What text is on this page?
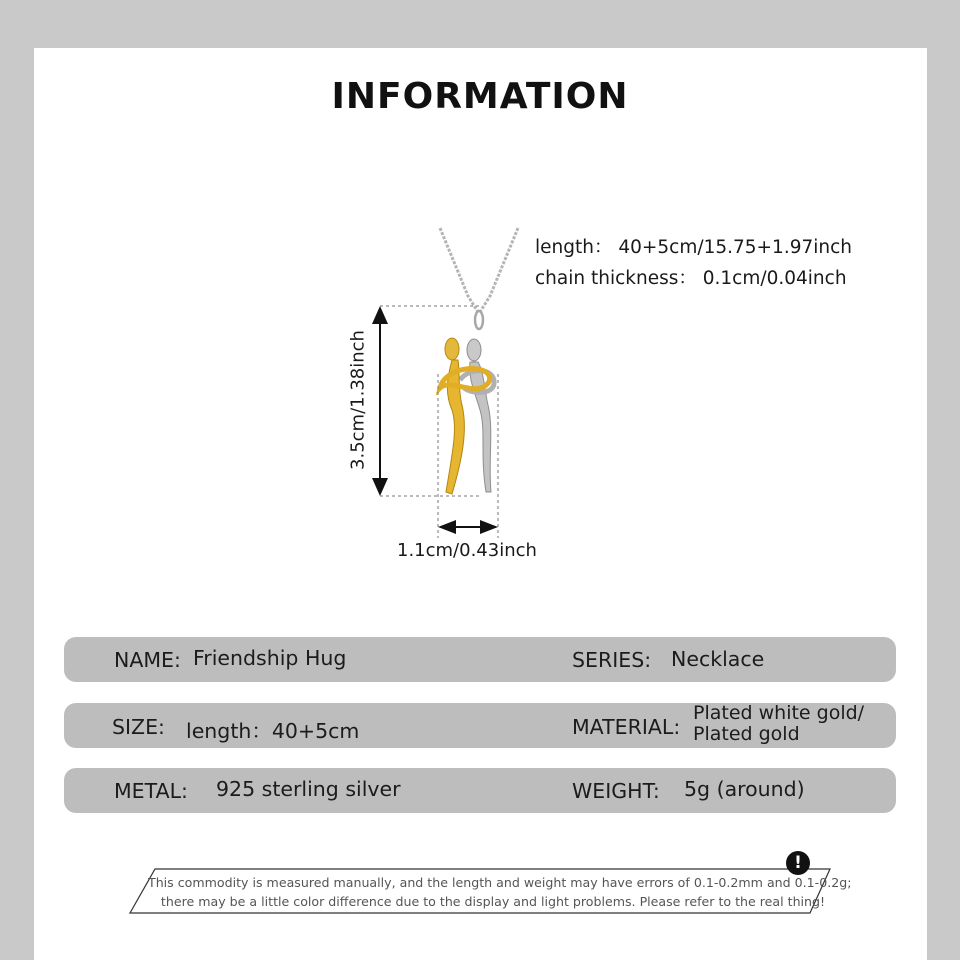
INFORMATION
length： 40+5cm/15.75+1.97inch
chain thickness： 0.1cm/0.04inch
3.5cm/1.38inch
1.1cm/0.43inch
NAME: Friendship Hug	SERIES: Necklace
SIZE: length：40+5cm	MATERIAL:
Plated white gold/
Plated gold
METAL: 925 sterling silver	WEIGHT: 5g (around)
!
This commodity is measured manually, and the length and weight may have errors of 0.1-0.2mm and 0.1-0.2g;
there may be a little color difference due to the display and light problems. Please refer to the real thing!
